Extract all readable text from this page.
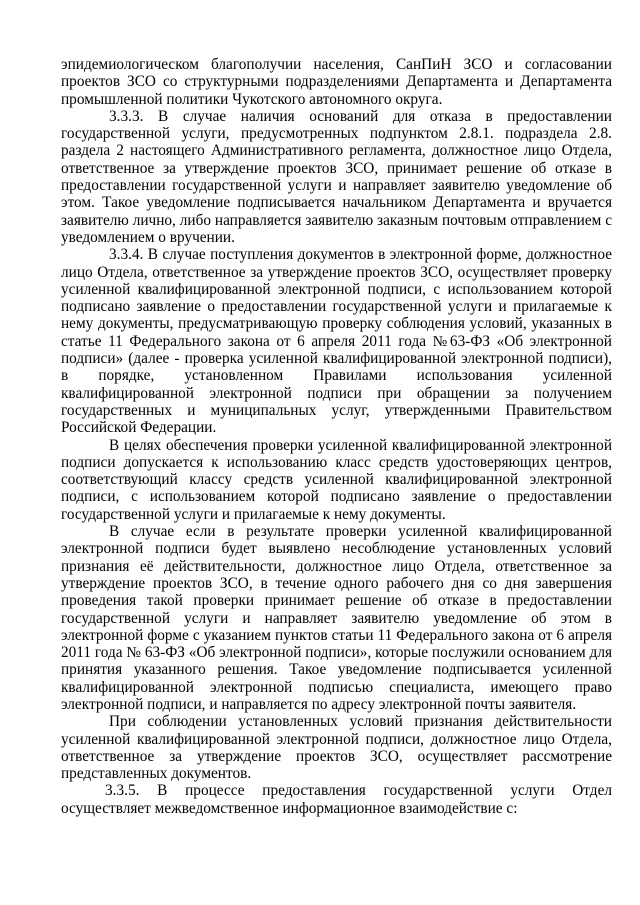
эпидемиологическом благополучии населения, СанПиН ЗСО и согласовании проектов ЗСО со структурными подразделениями Департамента и Департамента промышленной политики Чукотского автономного округа.

3.3.3. В случае наличия оснований для отказа в предоставлении государственной услуги, предусмотренных подпунктом 2.8.1. подраздела 2.8. раздела 2 настоящего Административного регламента, должностное лицо Отдела, ответственное за утверждение проектов ЗСО, принимает решение об отказе в предоставлении государственной услуги и направляет заявителю уведомление об этом. Такое уведомление подписывается начальником Департамента и вручается заявителю лично, либо направляется заявителю заказным почтовым отправлением с уведомлением о вручении.

3.3.4. В случае поступления документов в электронной форме, должностное лицо Отдела, ответственное за утверждение проектов ЗСО, осуществляет проверку усиленной квалифицированной электронной подписи, с использованием которой подписано заявление о предоставлении государственной услуги и прилагаемые к нему документы, предусматривающую проверку соблюдения условий, указанных в статье 11 Федерального закона от 6 апреля 2011 года №63-ФЗ «Об электронной подписи» (далее - проверка усиленной квалифицированной электронной подписи), в порядке, установленном Правилами использования усиленной квалифицированной электронной подписи при обращении за получением государственных и муниципальных услуг, утвержденными Правительством Российской Федерации.

В целях обеспечения проверки усиленной квалифицированной электронной подписи допускается к использованию класс средств удостоверяющих центров, соответствующий классу средств усиленной квалифицированной электронной подписи, с использованием которой подписано заявление о предоставлении государственной услуги и прилагаемые к нему документы.

В случае если в результате проверки усиленной квалифицированной электронной подписи будет выявлено несоблюдение установленных условий признания её действительности, должностное лицо Отдела, ответственное за утверждение проектов ЗСО, в течение одного рабочего дня со дня завершения проведения такой проверки принимает решение об отказе в предоставлении государственной услуги и направляет заявителю уведомление об этом в электронной форме с указанием пунктов статьи 11 Федерального закона от 6 апреля 2011 года № 63-ФЗ «Об электронной подписи», которые послужили основанием для принятия указанного решения. Такое уведомление подписывается усиленной квалифицированной электронной подписью специалиста, имеющего право электронной подписи, и направляется по адресу электронной почты заявителя.

При соблюдении установленных условий признания действительности усиленной квалифицированной электронной подписи, должностное лицо Отдела, ответственное за утверждение проектов ЗСО, осуществляет рассмотрение представленных документов.

3.3.5. В процессе предоставления государственной услуги Отдел осуществляет межведомственное информационное взаимодействие с:
